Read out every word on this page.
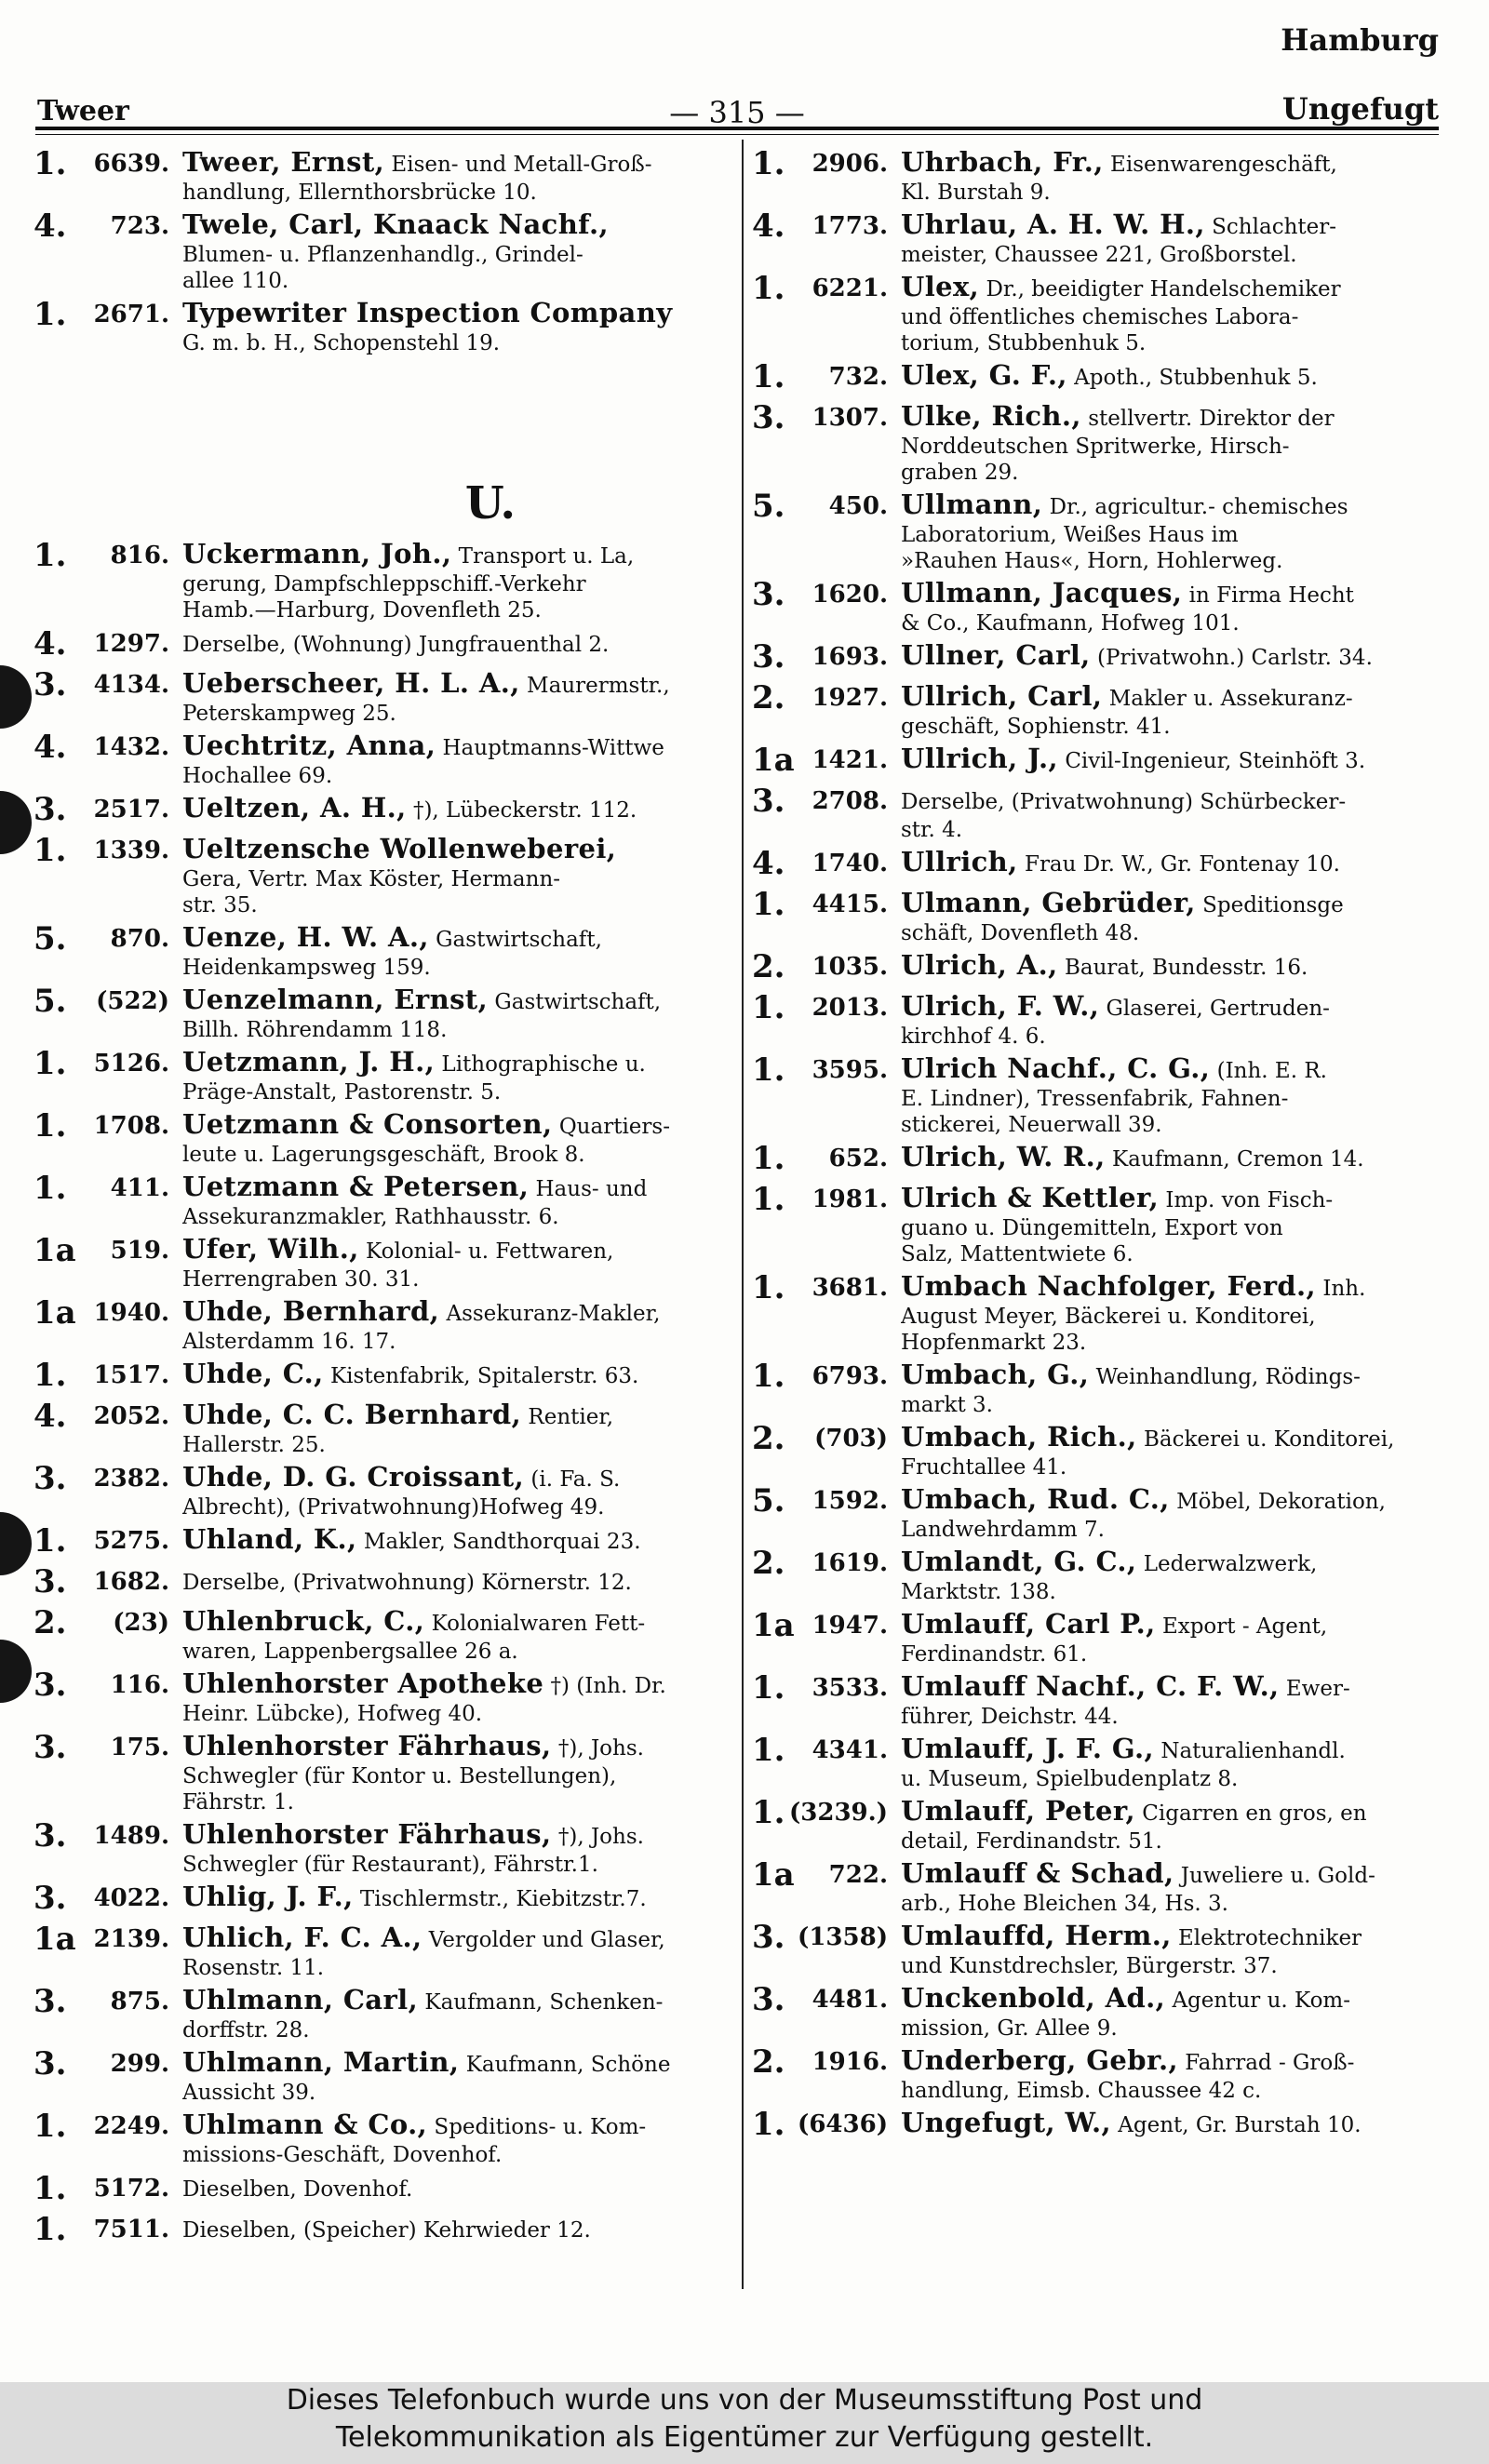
Tweer	— 315 —
Hamburg
Ungefugt
1.	6639. Tweer, Ernst, Eisen- und Metall-Groß-
handlung, Ellernthorsbrücke 10.
4.	723. Twele, Carl, Knaack Nachf.,
Blumen- u. Pflanzenhandlg., Grindel-
allee 110.
1.	2671. Typewriter Inspection Company
G. m. b. H., Schopenstehl 19.
U.
1.	816. Uckermann, Joh., Transport u. La,
gerung, Dampfschleppschiff.-Verkehr
Hamb.—Harburg, Dovenfleth 25.
4.	1297. Derselbe, (Wohnung) Jungfrauenthal 2.
3.	4134. Ueberscheer, H. L. A., Maurermstr.,
Peterskampweg 25.
4.	1432. Uechtritz, Anna, Hauptmanns-Wittwe
Hochallee 69.
3.	2517. Ueltzen, A. H., †), Lübeckerstr. 112.
1.	1339. Ueltzensche Wollenweberei,
Gera, Vertr. Max Köster, Hermann-
str. 35.
5.	870. Uenze, H. W. A., Gastwirtschaft,
Heidenkampsweg 159.
5.	(522) Uenzelmann, Ernst, Gastwirtschaft,
Billh. Röhrendamm 118.
1.	5126. Uetzmann, J. H., Lithographische u.
Präge-Anstalt, Pastorenstr. 5.
1.	1708. Uetzmann & Consorten, Quartiers-
leute u. Lagerungsgeschäft, Brook 8.
1.	411. Uetzmann & Petersen, Haus- und
Assekuranzmakler, Rathhausstr. 6.
1a	519. Ufer, Wilh., Kolonial- u. Fettwaren,
Herrengraben 30. 31.
1a 1940. Uhde, Bernhard, Assekuranz-Makler,
Alsterdamm 16. 17.
1.	1517. Uhde, C., Kistenfabrik, Spitalerstr. 63.
4.	2052. Uhde, C. C. Bernhard, Rentier,
Hallerstr. 25.
3.	2382. Uhde, D. G. Croissant, (i. Fa. S.
Albrecht), (Privatwohnung)Hofweg 49.
1.	5275. Uhland, K., Makler, Sandthorquai 23.
3.	1682. Derselbe, (Privatwohnung) Körnerstr. 12.
2.	(23) Uhlenbruck, C., Kolonialwaren Fett-
waren, Lappenbergsallee 26 a.
3.	116. Uhlenhorster Apotheke †) (Inh. Dr.
Heinr. Lübcke), Hofweg 40.
3.	175. Uhlenhorster Fährhaus, †), Johs.
Schwegler (für Kontor u. Bestellungen),
Fährstr. 1.
3.	1489. Uhlenhorster Fährhaus, †), Johs.
Schwegler (für Restaurant), Fährstr.1.
3.	4022. Uhlig, J. F., Tischlermstr., Kiebitzstr.7.
1a 2139. Uhlich, F. C. A., Vergolder und Glaser,
Rosenstr. 11.
3.	875. Uhlmann, Carl, Kaufmann, Schenken-
dorffstr. 28.
3.	299. Uhlmann, Martin, Kaufmann, Schöne
Aussicht 39.
1.	2249. Uhlmann & Co., Speditions- u. Kom-
missions-Geschäft, Dovenhof.
1.	5172. Dieselben, Dovenhof.
1.	7511. Dieselben, (Speicher) Kehrwieder 12.
1.	2906. Uhrbach, Fr., Eisenwarengeschäft,
Kl. Burstah 9.
4.	1773. Uhrlau, A. H. W. H., Schlachter-
meister, Chaussee 221, Großborstel.
1.	6221. Ulex, Dr., beeidigter Handelschemiker
und öffentliches chemisches Labora-
torium, Stubbenhuk 5.
1.	732. Ulex, G. F., Apoth., Stubbenhuk 5.
3.	1307. Ulke, Rich., stellvertr. Direktor der
Norddeutschen Spritwerke, Hirsch-
graben 29.
5.	450. Ullmann, Dr., agricultur.- chemisches
Laboratorium, Weißes Haus im
»Rauhen Haus«, Horn, Hohlerweg.
3.	1620. Ullmann, Jacques, in Firma Hecht
& Co., Kaufmann, Hofweg 101.
3.	1693. Ullner, Carl, (Privatwohn.) Carlstr. 34.
2.	1927. Ullrich, Carl, Makler u. Assekuranz-
geschäft, Sophienstr. 41.
1a 1421. Ullrich, J., Civil-Ingenieur, Steinhöft 3.
3.	2708. Derselbe, (Privatwohnung) Schürbecker-
str. 4.
4.	1740. Ullrich, Frau Dr. W., Gr. Fontenay 10.
1.	4415. Ulmann, Gebrüder, Speditionsge
schäft, Dovenfleth 48.
2.	1035. Ulrich, A., Baurat, Bundesstr. 16.
1.	2013. Ulrich, F. W., Glaserei, Gertruden-
kirchhof 4. 6.
1.	3595. Ulrich Nachf., C. G., (Inh. E. R.
E. Lindner), Tressenfabrik, Fahnen-
stickerei, Neuerwall 39.
1.	652. Ulrich, W. R., Kaufmann, Cremon 14.
1.	1981. Ulrich & Kettler, Imp. von Fisch-
guano u. Düngemitteln, Export von
Salz, Mattentwiete 6.
1.	3681. Umbach Nachfolger, Ferd., Inh.
August Meyer, Bäckerei u. Konditorei,
Hopfenmarkt 23.
1.	6793. Umbach, G., Weinhandlung, Rödings-
markt 3.
2.	(703) Umbach, Rich., Bäckerei u. Konditorei,
Fruchtallee 41.
5.	1592. Umbach, Rud. C., Möbel, Dekoration,
Landwehrdamm 7.
2.	1619. Umlandt, G. C., Lederwalzwerk,
Marktstr. 138.
1a 1947. Umlauff, Carl P., Export - Agent,
Ferdinandstr. 61.
1.	3533. Umlauff Nachf., C. F. W., Ewer-
führer, Deichstr. 44.
1.	4341. Umlauff, J. F. G., Naturalienhandl.
u. Museum, Spielbudenplatz 8.
1. (3239.) Umlauff, Peter, Cigarren en gros, en
detail, Ferdinandstr. 51.
1a	722. Umlauff & Schad, Juweliere u. Gold-
arb., Hohe Bleichen 34, Hs. 3.
3. (1358) Umlauffd, Herm., Elektrotechniker
und Kunstdrechsler, Bürgerstr. 37.
3.	4481. Unckenbold, Ad., Agentur u. Kom-
mission, Gr. Allee 9.
2.	1916. Underberg, Gebr., Fahrrad - Groß-
handlung, Eimsb. Chaussee 42 c.
1. (6436) Ungefugt, W., Agent, Gr. Burstah 10.
Dieses Telefonbuch wurde uns von der Museumsstiftung Post und
Telekommunikation als Eigentümer zur Verfügung gestellt.
